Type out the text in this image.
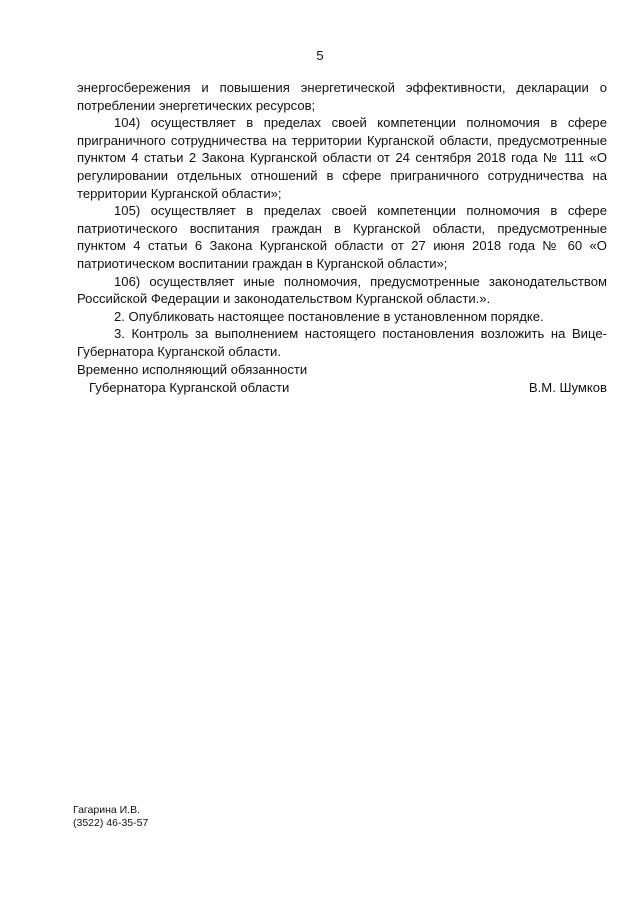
5

энергосбережения и повышения энергетической эффективности, декларации о потреблении энергетических ресурсов;

104) осуществляет в пределах своей компетенции полномочия в сфере приграничного сотрудничества на территории Курганской области, предусмотренные пунктом 4 статьи 2 Закона Курганской области от 24 сентября 2018 года № 111 «О регулировании отдельных отношений в сфере приграничного сотрудничества на территории Курганской области»;

105) осуществляет в пределах своей компетенции полномочия в сфере патриотического воспитания граждан в Курганской области, предусмотренные пунктом 4 статьи 6 Закона Курганской области от 27 июня 2018 года № 60 «О патриотическом воспитании граждан в Курганской области»;

106) осуществляет иные полномочия, предусмотренные законодательством Российской Федерации и законодательством Курганской области.».

2. Опубликовать настоящее постановление в установленном порядке.

3. Контроль за выполнением настоящего постановления возложить на Вице-Губернатора Курганской области.

Временно исполняющий обязанности
Губернатора Курганской области	В.М. Шумков
Гагарина И.В.
(3522) 46-35-57
